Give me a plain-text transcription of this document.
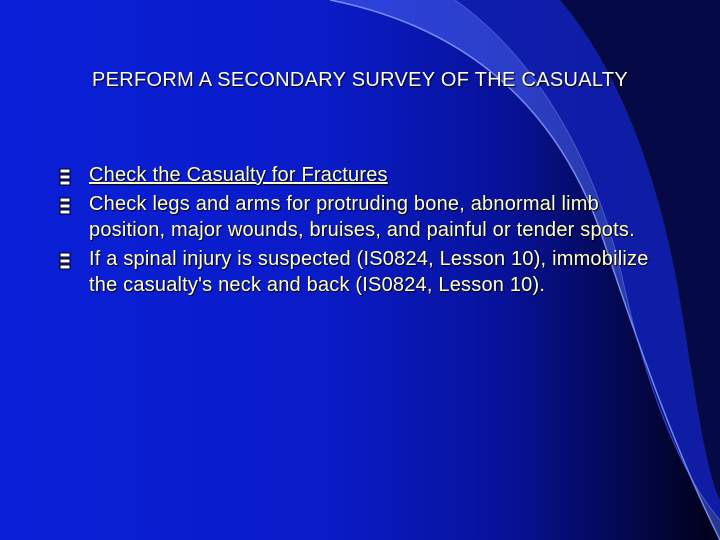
PERFORM A SECONDARY SURVEY OF THE CASUALTY
Check the Casualty for Fractures
Check legs and arms for protruding bone, abnormal limb position, major wounds, bruises, and painful or tender spots.
If a spinal injury is suspected (IS0824, Lesson 10), immobilize the casualty's neck and back (IS0824, Lesson 10).
